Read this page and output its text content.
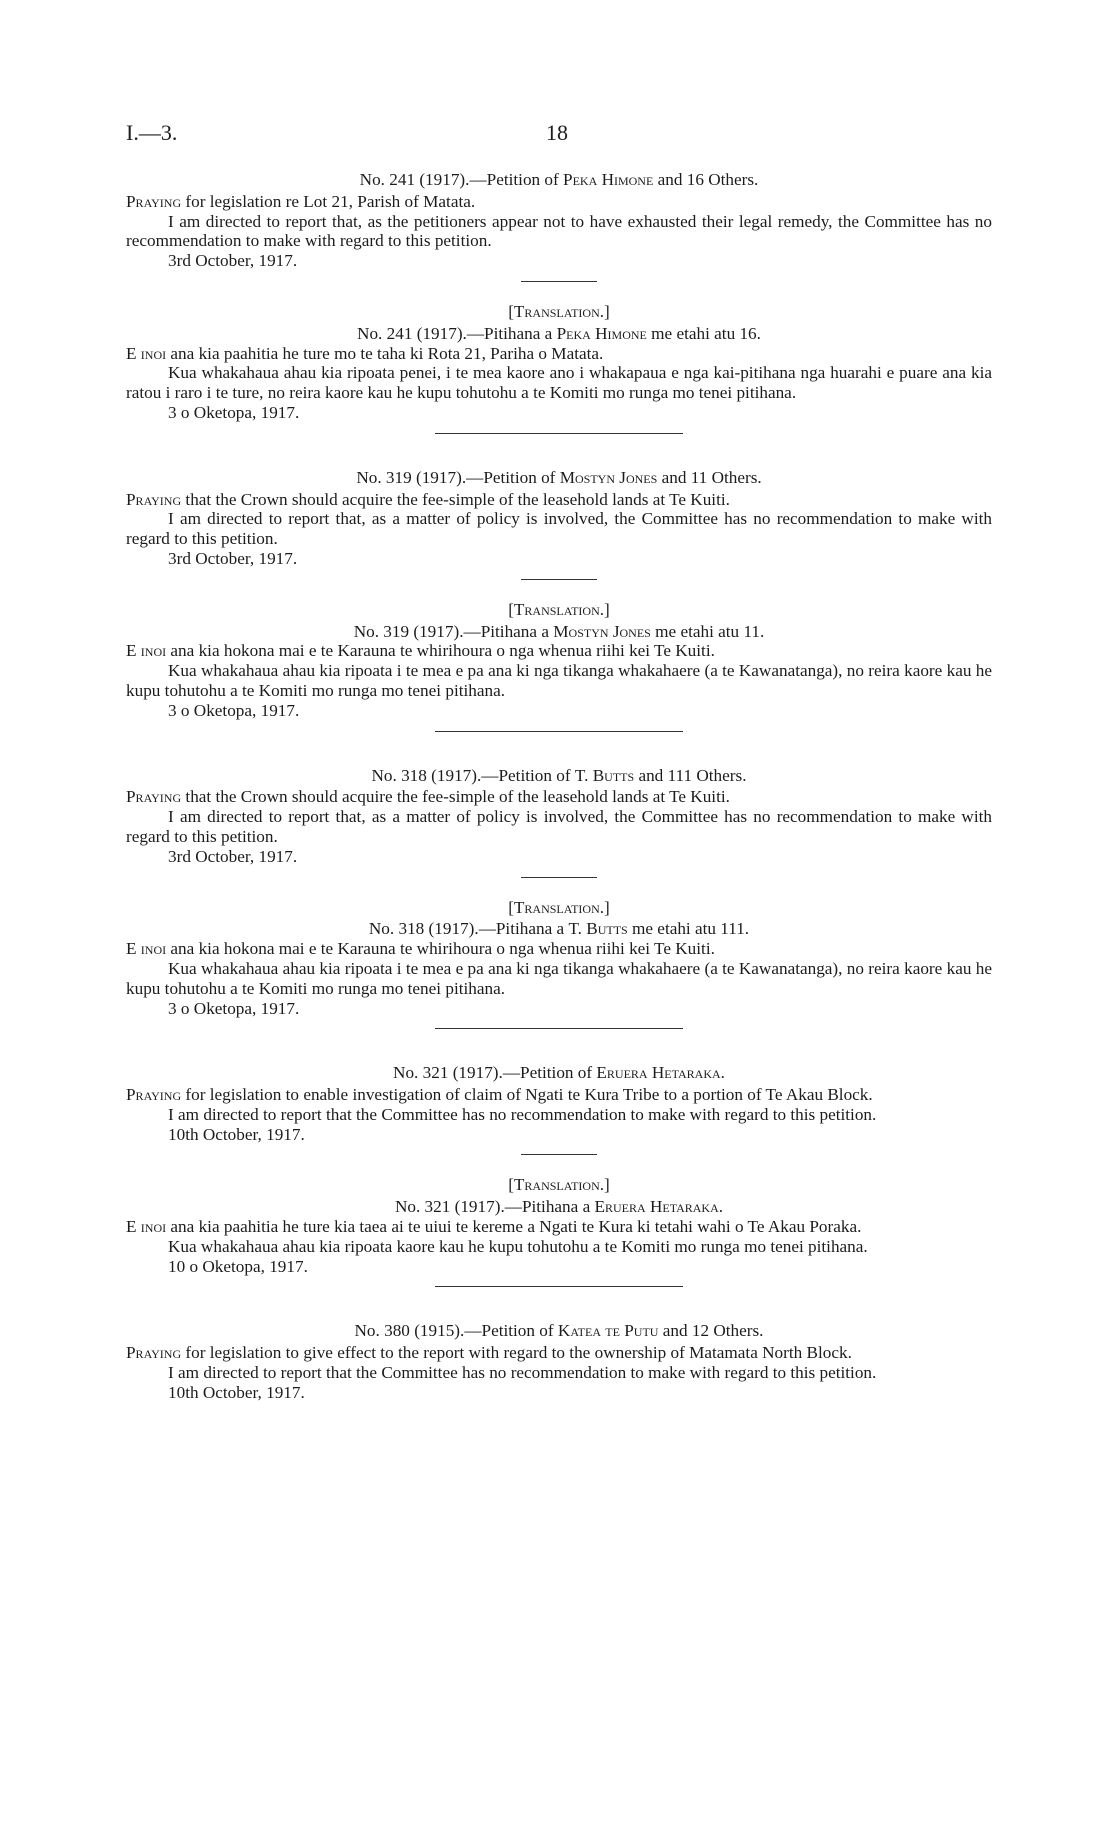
I.—3.	18

No. 241 (1917).—Petition of Peka Himone and 16 Others.

Praying for legislation re Lot 21, Parish of Matata.

I am directed to report that, as the petitioners appear not to have exhausted their legal remedy, the Committee has no recommendation to make with regard to this petition.

3rd October, 1917.

[Translation.]

No. 241 (1917).—Pitihana a Peka Himone me etahi atu 16.

E inoi ana kia paahitia he ture mo te taha ki Rota 21, Pariha o Matata.

Kua whakahaua ahau kia ripoata penei, i te mea kaore ano i whakapaua e nga kai-pitihana nga huarahi e puare ana kia ratou i raro i te ture, no reira kaore kau he kupu tohutohu a te Komiti mo runga mo tenei pitihana.

3 o Oketopa, 1917.

No. 319 (1917).—Petition of Mostyn Jones and 11 Others.

Praying that the Crown should acquire the fee-simple of the leasehold lands at Te Kuiti.

I am directed to report that, as a matter of policy is involved, the Committee has no recommendation to make with regard to this petition.

3rd October, 1917.

[Translation.]

No. 319 (1917).—Pitihana a Mostyn Jones me etahi atu 11.

E inoi ana kia hokona mai e te Karauna te whirihoura o nga whenua riihi kei Te Kuiti.

Kua whakahaua ahau kia ripoata i te mea e pa ana ki nga tikanga whakahaere (a te Kawanatanga), no reira kaore kau he kupu tohutohu a te Komiti mo runga mo tenei pitihana.

3 o Oketopa, 1917.

No. 318 (1917).—Petition of T. Butts and 111 Others.

Praying that the Crown should acquire the fee-simple of the leasehold lands at Te Kuiti.

I am directed to report that, as a matter of policy is involved, the Committee has no recommendation to make with regard to this petition.

3rd October, 1917.

[Translation.]

No. 318 (1917).—Pitihana a T. Butts me etahi atu 111.

E inoi ana kia hokona mai e te Karauna te whirihoura o nga whenua riihi kei Te Kuiti.

Kua whakahaua ahau kia ripoata i te mea e pa ana ki nga tikanga whakahaere (a te Kawanatanga), no reira kaore kau he kupu tohutohu a te Komiti mo runga mo tenei pitihana.

3 o Oketopa, 1917.

No. 321 (1917).—Petition of Eruera Hetaraka.

Praying for legislation to enable investigation of claim of Ngati te Kura Tribe to a portion of Te Akau Block.

I am directed to report that the Committee has no recommendation to make with regard to this petition.

10th October, 1917.

[Translation.]

No. 321 (1917).—Pitihana a Eruera Hetaraka.

E inoi ana kia paahitia he ture kia taea ai te uiui te kereme a Ngati te Kura ki tetahi wahi o Te Akau Poraka.

Kua whakahaua ahau kia ripoata kaore kau he kupu tohutohu a te Komiti mo runga mo tenei pitihana.

10 o Oketopa, 1917.

No. 380 (1915).—Petition of Katea te Putu and 12 Others.

Praying for legislation to give effect to the report with regard to the ownership of Matamata North Block.

I am directed to report that the Committee has no recommendation to make with regard to this petition.

10th October, 1917.
